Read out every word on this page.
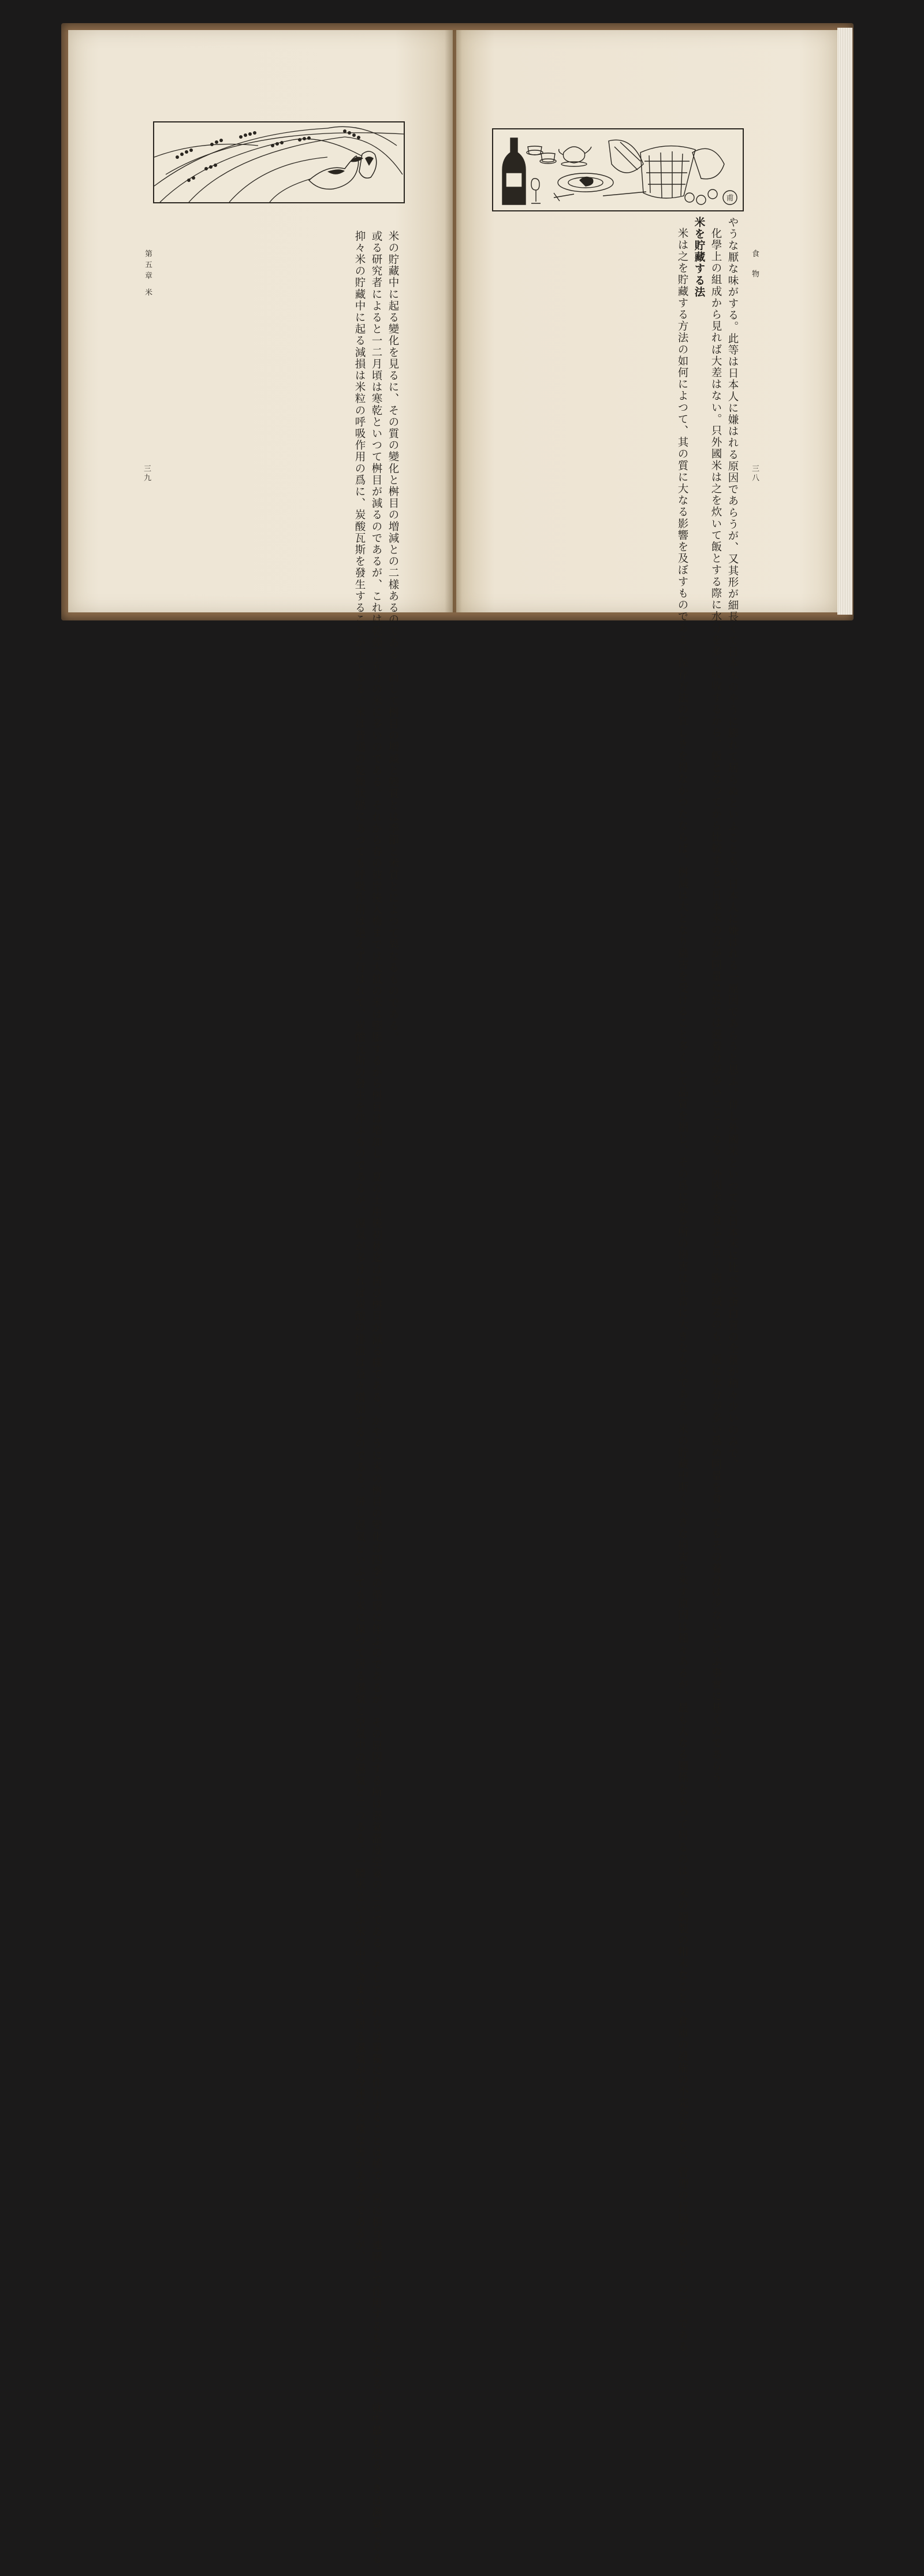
甫
第五章 米
三九	米の貯藏中に起る變化を見るに、その質の變化と桝目の増減との二樣あるのである。而して桝目の増減と變質とは季節と米質とによつて異なるものである。

或る研究者によると一二月頃は寒乾といつて桝目が減るのであるが、これは乾燥不充分の米に多いのである。それから春の彼岸後入梅までは大抵の米は膨脹するから桝目は増加し、夏の土用後初秋迄は再び桝目が減る樣である。かやうに米の桝目の變化は四季の循環に伴ふのであるが、その原因する所は濕氣溫度空氣の三つである。そしてこれらは單獨に作用することは稀で、常に相互連關して作用するものである。就中最も恐るべきは濕氣である。

抑々米の貯藏中に起る減損は米粒の呼吸作用の爲に、炭酸瓦斯を發生することが主である。米は普通の乾燥狀態にあつても呼吸作用は絕えず行はれて、炭酸瓦斯の發生を伴ふものであるが、濕氣が多ければ炭酸の排泄は益々增加するのである。併し濕氣といふても米に保つて居る濕氣と空氣中の濕氣と二つある。一體米といふ米の中に含まれて居る濕氣が今述べた樣な害があるのであるが、	食物
三八

やうな厭な味がする。此等は日本人に嫌はれる原因であらうが、又其形が細長くて日本米のやうに膨れて居らぬといふことも、日本人に嫌はれる一原因であらうと思ふ。併し外國米といつても日本米に比べて蛋白質の全量が稍々少いのみで、

化學上の組成から見れば大差はない。只外國米は之を炊いて飯とする際に水分を多く吸收するから、飯となつてから比較すると日本米の方が同量に於ては滋養分が多いことゝなる。外國米を食ふと早く腹が減るのも、飯に水分が多い爲め同量を食べてもその養分は少ないといふ事實に基くのであらう。

米を貯藏する法

米は之を貯藏する方法の如何によつて、其の質に大なる影響を及ぼすものである。保存方法の宜しきを得なかつたならば、桝減は大となり蟲害を受けること多くして品質を損じ、その爲に蒙る所の損害は非常に大きなものである。米の貯藏中斯く大きな損害を來す原因は種々あるが、最も大なる關係をもつて居るのは、米の調製の粗末なことゝ倉庫の設備の不完全なこと、管理の行屆かぬことゝの三つである。
